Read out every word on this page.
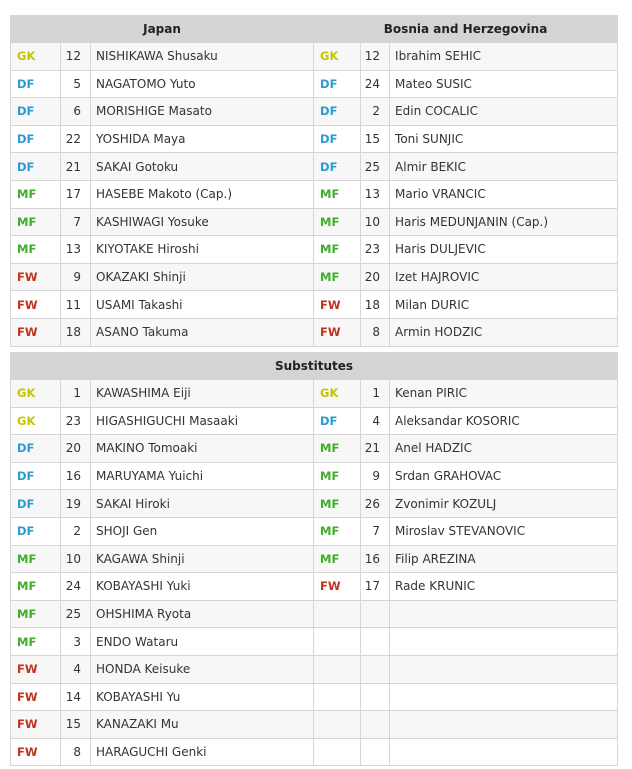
Japan			Bosnia and Herzegovina		
GK	12	NISHIKAWA Shusaku	GK	12	Ibrahim SEHIC
DF	5	NAGATOMO Yuto	DF	24	Mateo SUSIC
DF	6	MORISHIGE Masato	DF	2	Edin COCALIC
DF	22	YOSHIDA Maya	DF	15	Toni SUNJIC
DF	21	SAKAI Gotoku	DF	25	Almir BEKIC
MF	17	HASEBE Makoto (Cap.)	MF	13	Mario VRANCIC
MF	7	KASHIWAGI Yosuke	MF	10	Haris MEDUNJANIN (Cap.)
MF	13	KIYOTAKE Hiroshi	MF	23	Haris DULJEVIC
FW	9	OKAZAKI Shinji	MF	20	Izet HAJROVIC
FW	11	USAMI Takashi	FW	18	Milan DURIC
FW	18	ASANO Takuma	FW	8	Armin HODZIC
Substitutes					
GK	1	KAWASHIMA Eiji	GK	1	Kenan PIRIC
GK	23	HIGASHIGUCHI Masaaki	DF	4	Aleksandar KOSORIC
DF	20	MAKINO Tomoaki	MF	21	Anel HADZIC
DF	16	MARUYAMA Yuichi	MF	9	Srdan GRAHOVAC
DF	19	SAKAI Hiroki	MF	26	Zvonimir KOZULJ
DF	2	SHOJI Gen	MF	7	Miroslav STEVANOVIC
MF	10	KAGAWA Shinji	MF	16	Filip AREZINA
MF	24	KOBAYASHI Yuki	FW	17	Rade KRUNIC
MF	25	OHSHIMA Ryota			
MF	3	ENDO Wataru			
FW	4	HONDA Keisuke			
FW	14	KOBAYASHI Yu			
FW	15	KANAZAKI Mu			
FW	8	HARAGUCHI Genki			
